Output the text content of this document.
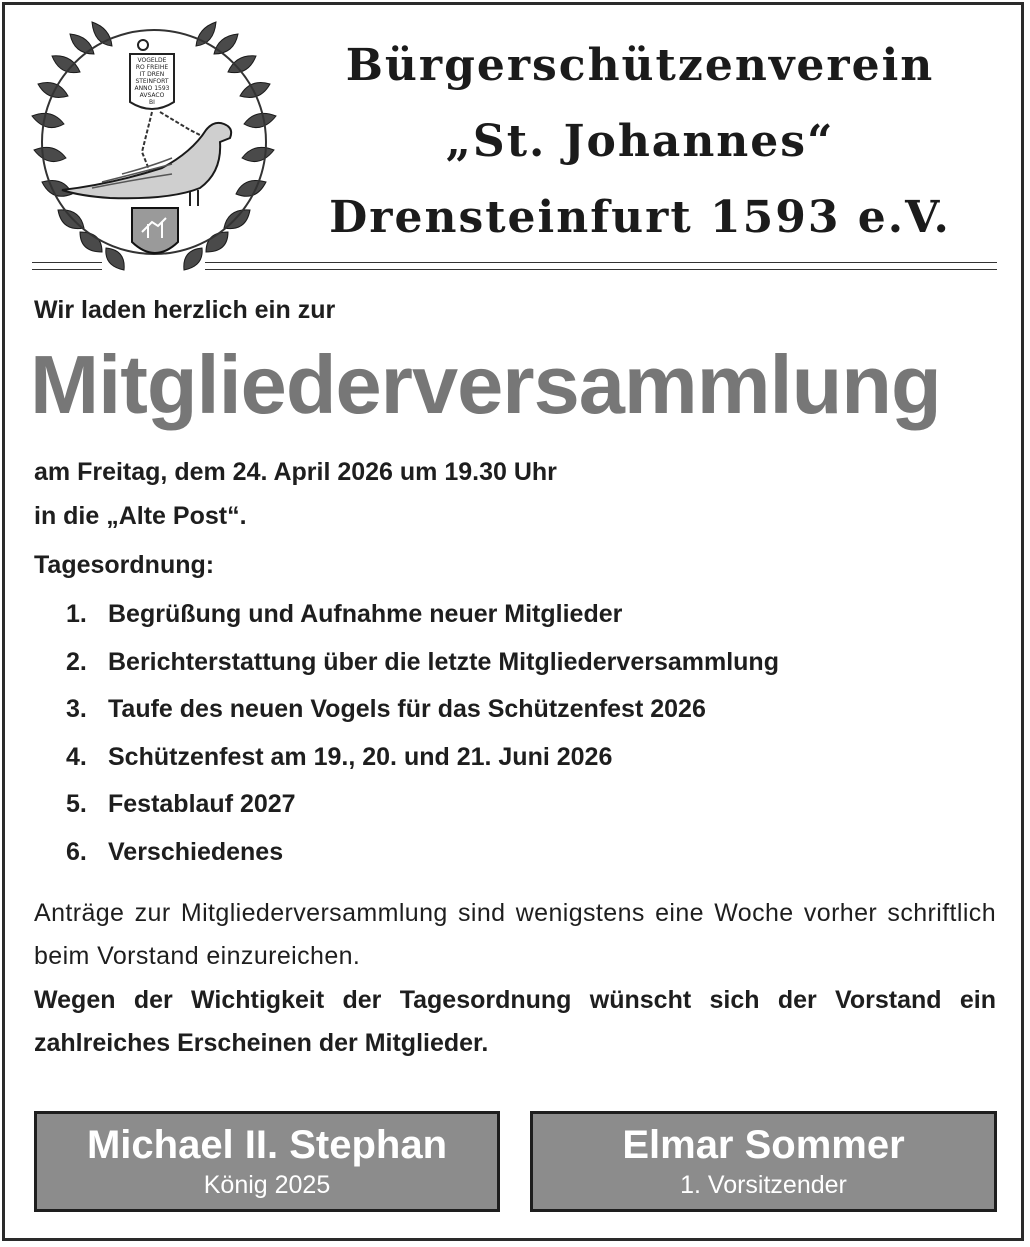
VOGELDE
RO FREIHE
IT DREN
STEINFORT
ANNO 1593
AVSACO
BI
Bürgerschützenverein
„St. Johannes“
Drensteinfurt 1593 e.V.
Wir laden herzlich ein zur
Mitgliederversammlung
am Freitag, dem 24. April 2026 um 19.30 Uhr
in die „Alte Post“.
Tagesordnung:
1. Begrüßung und Aufnahme neuer Mitglieder
2. Berichterstattung über die letzte Mitgliederversammlung
3. Taufe des neuen Vogels für das Schützenfest 2026
4. Schützenfest am 19., 20. und 21. Juni 2026
5. Festablauf 2027
6. Verschiedenes
Anträge zur Mitgliederversammlung sind wenigstens eine Woche vorher schriftlich beim Vorstand einzureichen.
Wegen der Wichtigkeit der Tagesordnung wünscht sich der Vorstand ein zahlreiches Erscheinen der Mitglieder.
Michael II. Stephan
König 2025
Elmar Sommer
1. Vorsitzender
